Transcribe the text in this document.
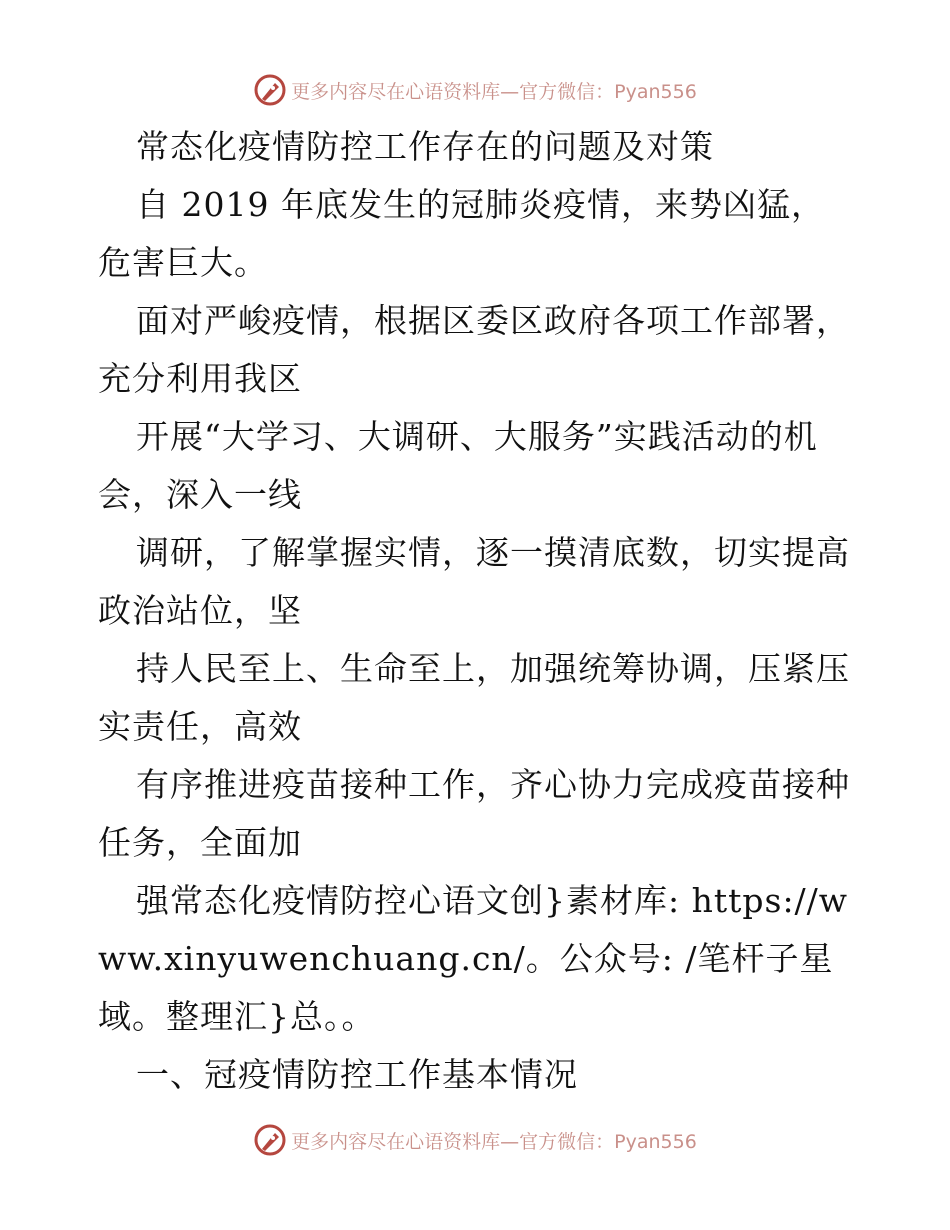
更多内容尽在心语资料库—官方微信：Pyan556

常态化疫情防控工作存在的问题及对策

自 2019 年底发生的冠肺炎疫情，来势凶猛，危害巨大。

面对严峻疫情，根据区委区政府各项工作部署，充分利用我区

开展“大学习、大调研、大服务”实践活动的机会，深入一线

调研，了解掌握实情，逐一摸清底数，切实提高政治站位，坚

持人民至上、生命至上，加强统筹协调，压紧压实责任，高效

有序推进疫苗接种工作，齐心协力完成疫苗接种任务，全面加

强常态化疫情防控心语文创}素材库: https://www.xinyuwenchuang.cn/。公众号: /笔杆子星域。整理汇}总。。

一、冠疫情防控工作基本情况

更多内容尽在心语资料库—官方微信：Pyan556
